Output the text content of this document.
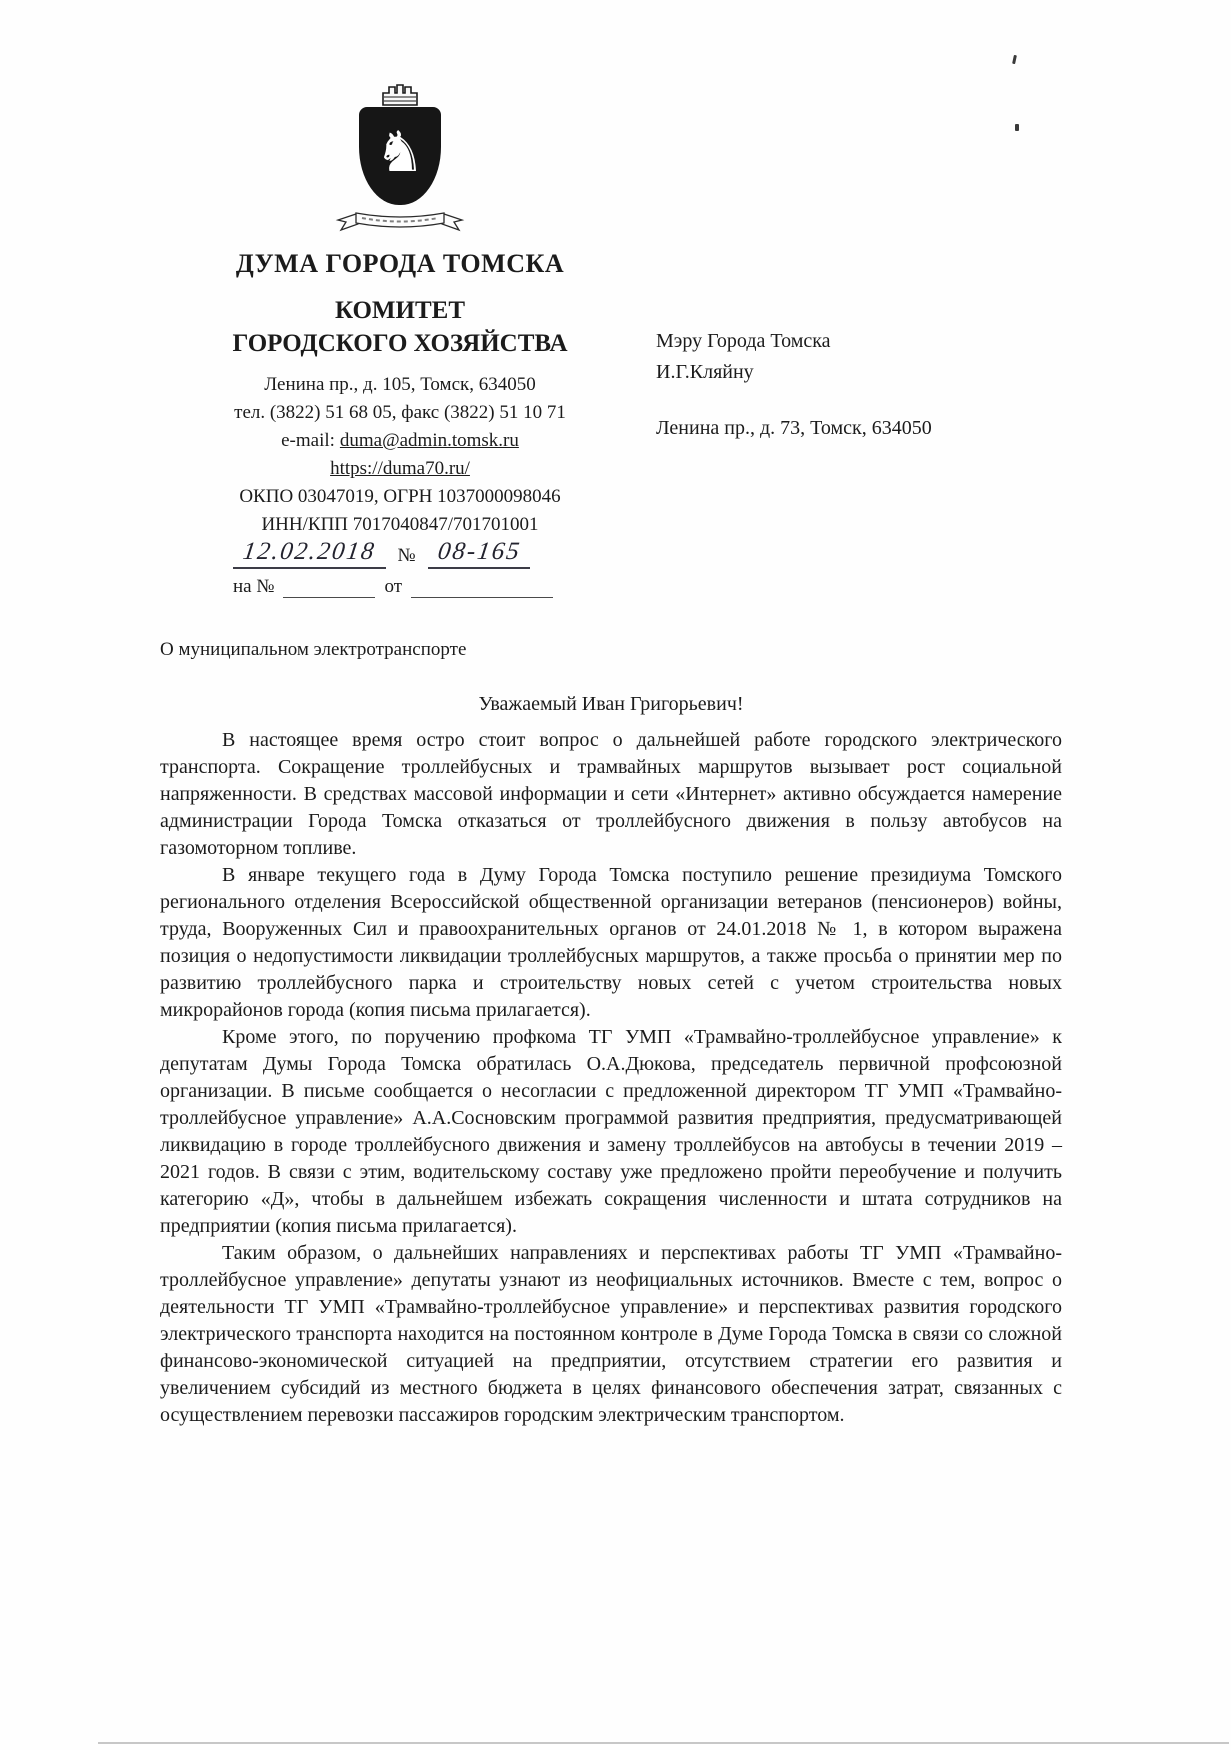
♞
ДУМА ГОРОДА ТОМСКА
КОМИТЕТ
ГОРОДСКОГО ХОЗЯЙСТВА
Ленина пр., д. 105, Томск, 634050
тел. (3822) 51 68 05, факс (3822) 51 10 71
e-mail: duma@admin.tomsk.ru
https://duma70.ru/
ОКПО 03047019, ОГРН 1037000098046
ИНН/КПП 7017040847/701701001
12.02.2018	№ 08-165
на №	от
Мэру Города Томска
И.Г.Кляйну
Ленина пр., д. 73, Томск, 634050
О муниципальном электротранспорте
Уважаемый Иван Григорьевич!

В настоящее время остро стоит вопрос о дальнейшей работе городского электрического транспорта. Сокращение троллейбусных и трамвайных маршрутов вызывает рост социальной напряженности. В средствах массовой информации и сети «Интернет» активно обсуждается намерение администрации Города Томска отказаться от троллейбусного движения в пользу автобусов на газомоторном топливе.

В январе текущего года в Думу Города Томска поступило решение президиума Томского регионального отделения Всероссийской общественной организации ветеранов (пенсионеров) войны, труда, Вооруженных Сил и правоохранительных органов от 24.01.2018 № 1, в котором выражена позиция о недопустимости ликвидации троллейбусных маршрутов, а также просьба о принятии мер по развитию троллейбусного парка и строительству новых сетей с учетом строительства новых микрорайонов города (копия письма прилагается).

Кроме этого, по поручению профкома ТГ УМП «Трамвайно-троллейбусное управление» к депутатам Думы Города Томска обратилась О.А.Дюкова, председатель первичной профсоюзной организации. В письме сообщается о несогласии с предложенной директором ТГ УМП «Трамвайно-троллейбусное управление» А.А.Сосновским программой развития предприятия, предусматривающей ликвидацию в городе троллейбусного движения и замену троллейбусов на автобусы в течении 2019 – 2021 годов. В связи с этим, водительскому составу уже предложено пройти переобучение и получить категорию «Д», чтобы в дальнейшем избежать сокращения численности и штата сотрудников на предприятии (копия письма прилагается).

Таким образом, о дальнейших направлениях и перспективах работы ТГ УМП «Трамвайно-троллейбусное управление» депутаты узнают из неофициальных источников. Вместе с тем, вопрос о деятельности ТГ УМП «Трамвайно-троллейбусное управление» и перспективах развития городского электрического транспорта находится на постоянном контроле в Думе Города Томска в связи со сложной финансово-экономической ситуацией на предприятии, отсутствием стратегии его развития и увеличением субсидий из местного бюджета в целях финансового обеспечения затрат, связанных с осуществлением перевозки пассажиров городским электрическим транспортом.
